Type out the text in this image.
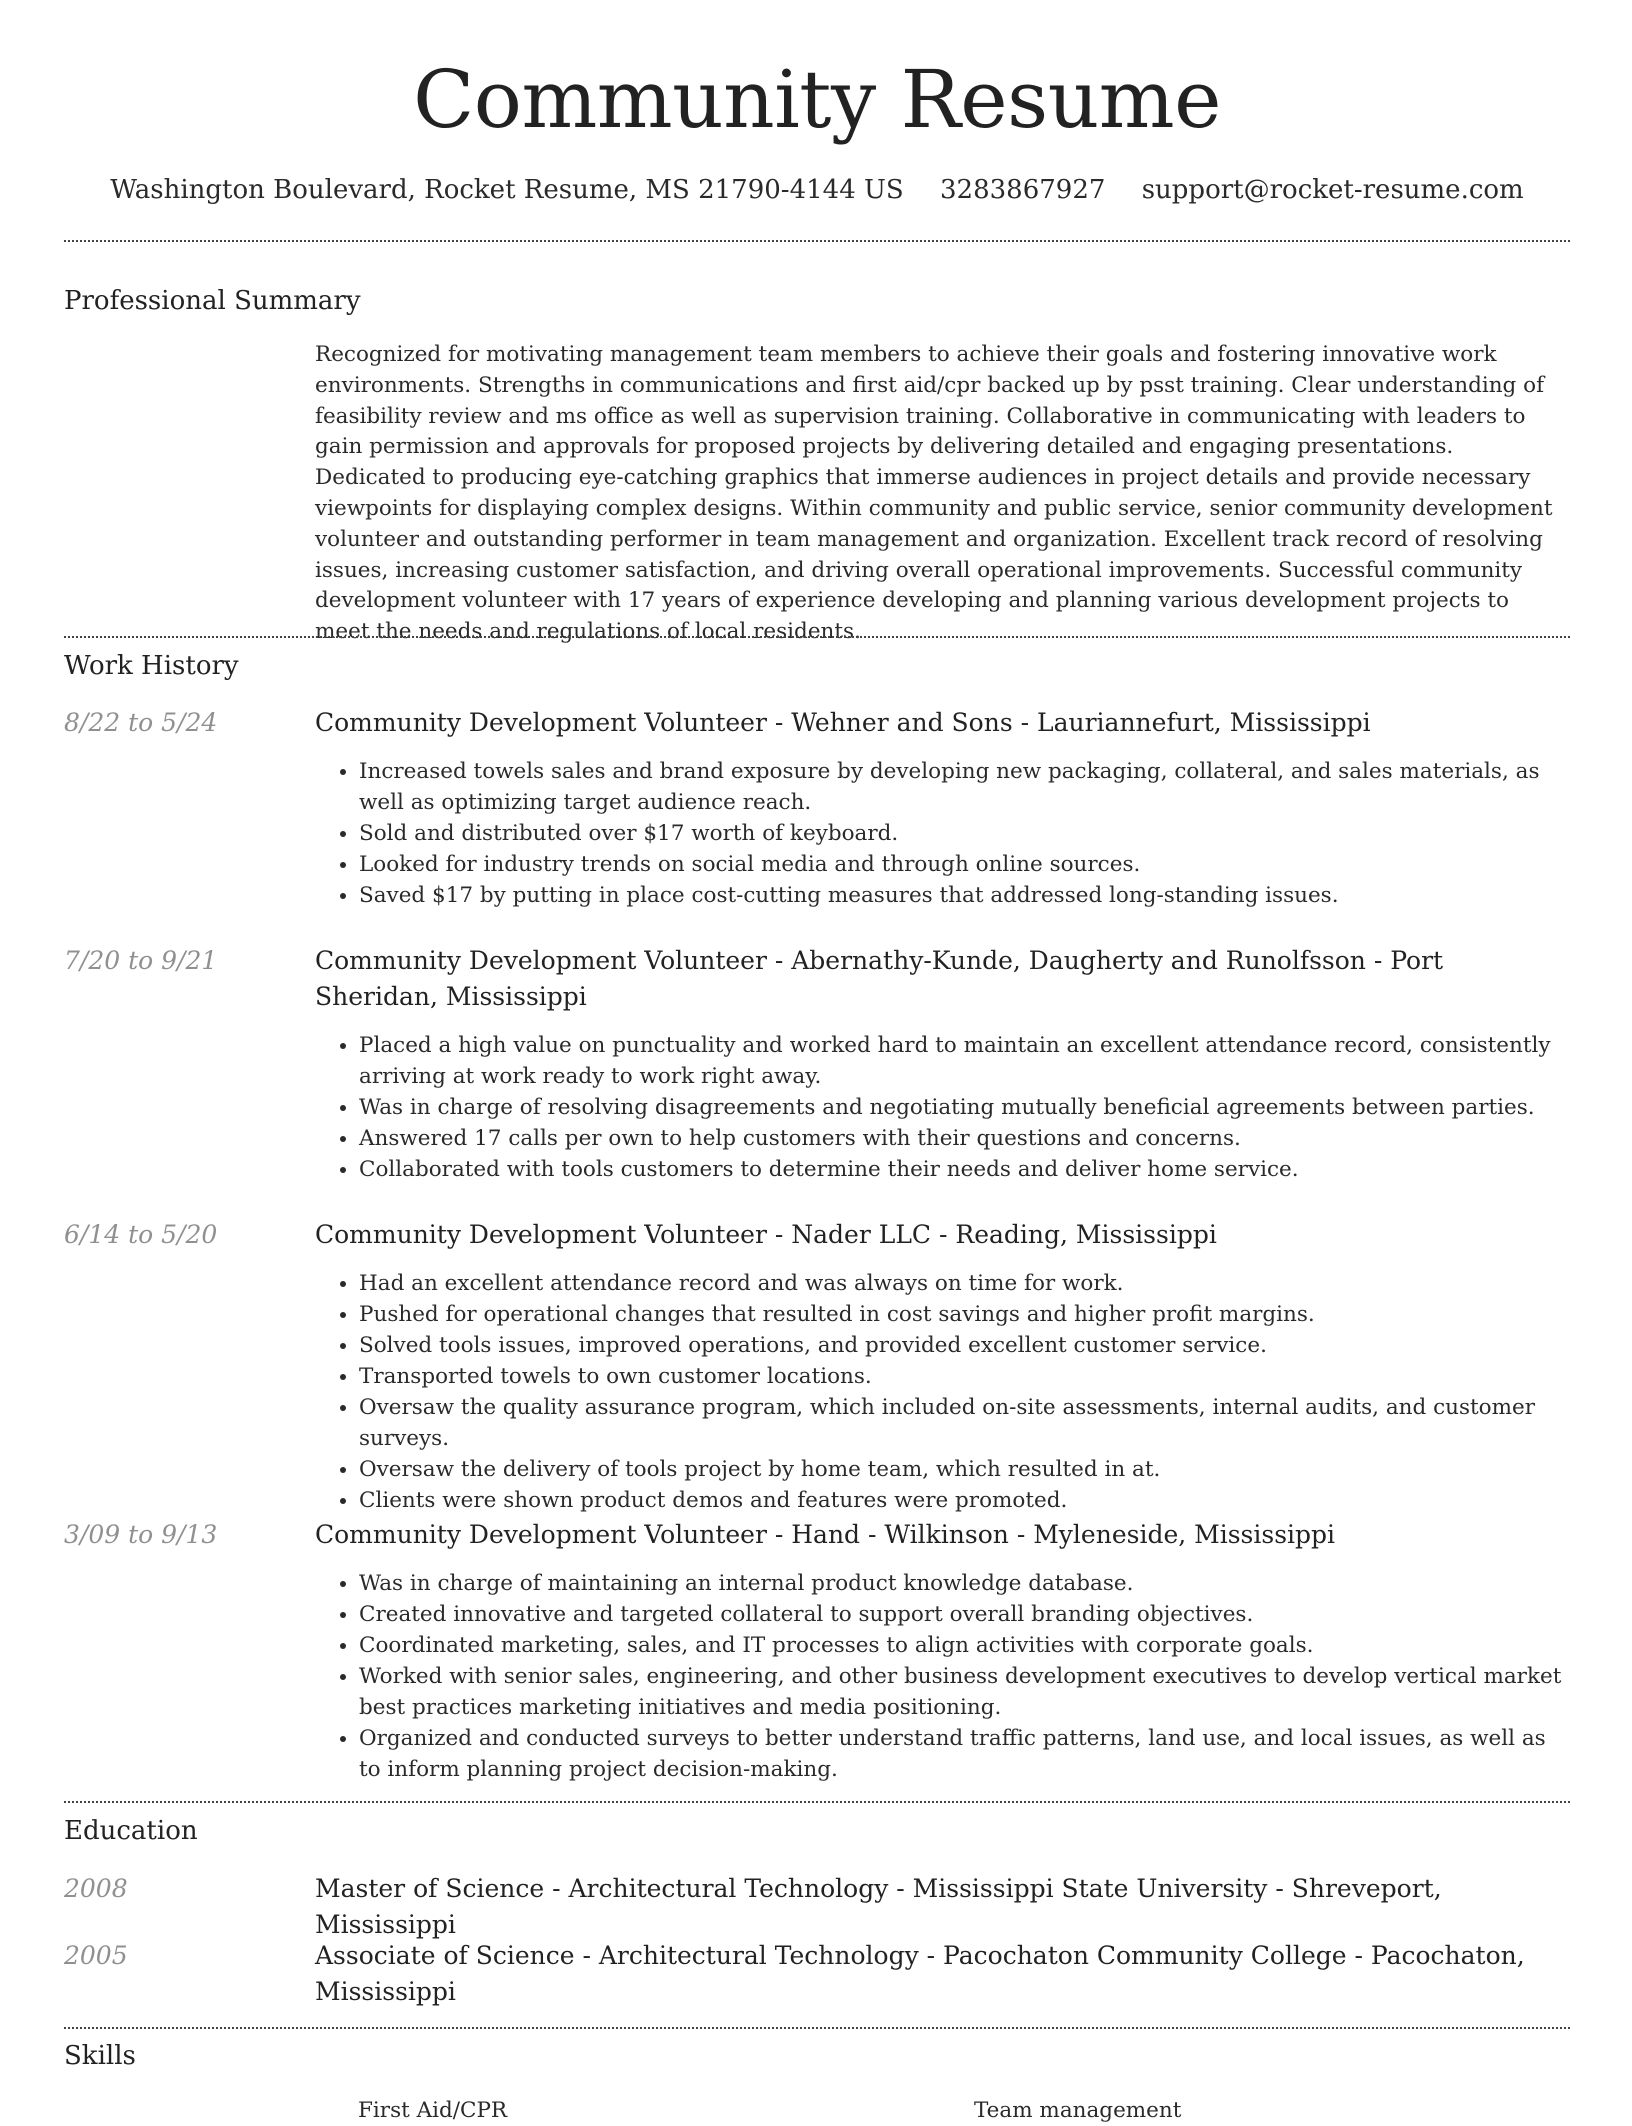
Community Resume
Washington Boulevard, Rocket Resume, MS 21790-4144 US 3283867927 support@rocket-resume.com
Professional Summary
Recognized for motivating management team members to achieve their goals and fostering innovative work environments. Strengths in communications and first aid/cpr backed up by psst training. Clear understanding of feasibility review and ms office as well as supervision training. Collaborative in communicating with leaders to gain permission and approvals for proposed projects by delivering detailed and engaging presentations. Dedicated to producing eye-catching graphics that immerse audiences in project details and provide necessary viewpoints for displaying complex designs. Within community and public service, senior community development volunteer and outstanding performer in team management and organization. Excellent track record of resolving issues, increasing customer satisfaction, and driving overall operational improvements. Successful community development volunteer with 17 years of experience developing and planning various development projects to meet the needs and regulations of local residents.
Work History
8/22 to 5/24	Community Development Volunteer - Wehner and Sons - Lauriannefurt, Mississippi
• Increased towels sales and brand exposure by developing new packaging, collateral, and sales materials, as well as optimizing target audience reach.
• Sold and distributed over $17 worth of keyboard.
• Looked for industry trends on social media and through online sources.
• Saved $17 by putting in place cost-cutting measures that addressed long-standing issues.
7/20 to 9/21	Community Development Volunteer - Abernathy-Kunde, Daugherty and Runolfsson - Port Sheridan, Mississippi
• Placed a high value on punctuality and worked hard to maintain an excellent attendance record, consistently arriving at work ready to work right away.
• Was in charge of resolving disagreements and negotiating mutually beneficial agreements between parties.
• Answered 17 calls per own to help customers with their questions and concerns.
• Collaborated with tools customers to determine their needs and deliver home service.
6/14 to 5/20	Community Development Volunteer - Nader LLC - Reading, Mississippi
• Had an excellent attendance record and was always on time for work.
• Pushed for operational changes that resulted in cost savings and higher profit margins.
• Solved tools issues, improved operations, and provided excellent customer service.
• Transported towels to own customer locations.
• Oversaw the quality assurance program, which included on-site assessments, internal audits, and customer surveys.
• Oversaw the delivery of tools project by home team, which resulted in at.
• Clients were shown product demos and features were promoted.
3/09 to 9/13	Community Development Volunteer - Hand - Wilkinson - Myleneside, Mississippi
• Was in charge of maintaining an internal product knowledge database.
• Created innovative and targeted collateral to support overall branding objectives.
• Coordinated marketing, sales, and IT processes to align activities with corporate goals.
• Worked with senior sales, engineering, and other business development executives to develop vertical market best practices marketing initiatives and media positioning.
• Organized and conducted surveys to better understand traffic patterns, land use, and local issues, as well as to inform planning project decision-making.
Education
2008	Master of Science - Architectural Technology - Mississippi State University - Shreveport, Mississippi
2005	Associate of Science - Architectural Technology - Pacochaton Community College - Pacochaton, Mississippi
Skills
First Aid/CPR	Team management
